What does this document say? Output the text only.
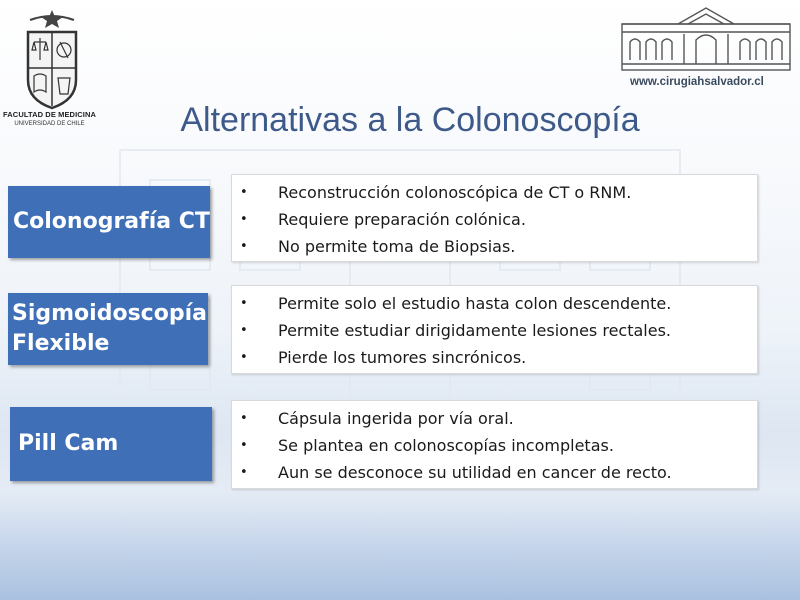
FACULTAD DE MEDICINA
UNIVERSIDAD DE CHILE
www.cirugiahsalvador.cl
Alternativas a la Colonoscopía
Colonografía CT
• Reconstrucción colonoscópica de CT o RNM.
• Requiere preparación colónica.
• No permite toma de Biopsias.
Sigmoidoscopía
Flexible
• Permite solo el estudio hasta colon descendente.
• Permite estudiar dirigidamente lesiones rectales.
• Pierde los tumores sincrónicos.
Pill Cam
• Cápsula ingerida por vía oral.
• Se plantea en colonoscopías incompletas.
• Aun se desconoce su utilidad en cancer de recto.
